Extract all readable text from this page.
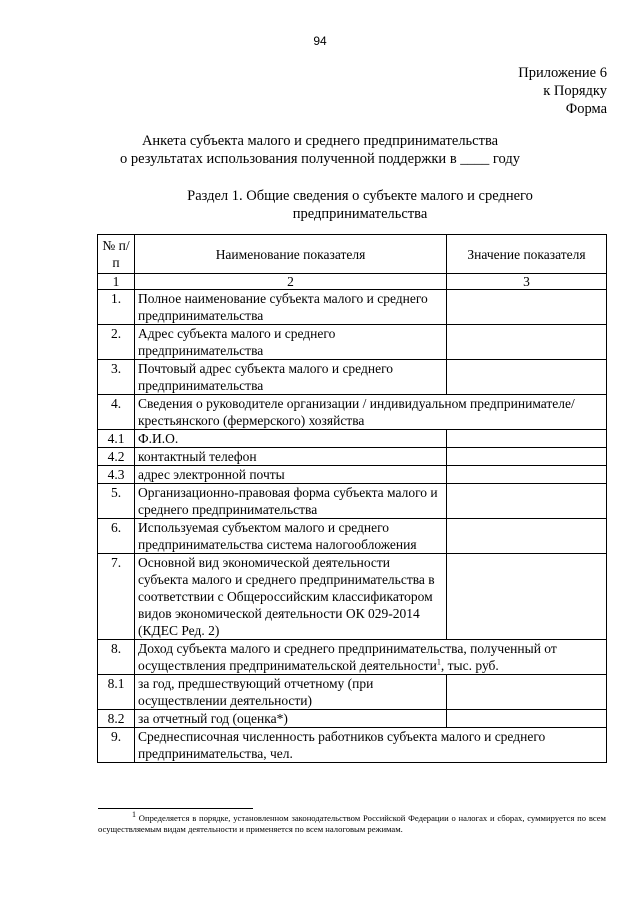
94
Приложение 6
к Порядку
Форма
Анкета субъекта малого и среднего предпринимательства
о результатах использования полученной поддержки в ____ году
Раздел 1. Общие сведения о субъекте малого и среднего
предпринимательства
№ п/п	Наименование показателя	Значение показателя
1	2	3
1.	Полное наименование субъекта малого и среднего предпринимательства	
2.	Адрес субъекта малого и среднего предпринимательства	
3.	Почтовый адрес субъекта малого и среднего предпринимательства	
4.	Сведения о руководителе организации / индивидуальном предпринимателе/ крестьянского (фермерского) хозяйства	
4.1	Ф.И.О.	
4.2	контактный телефон	
4.3	адрес электронной почты	
5.	Организационно-правовая форма субъекта малого и среднего предпринимательства	
6.	Используемая субъектом малого и среднего предпринимательства система налогообложения	
7.	Основной вид экономической деятельности субъекта малого и среднего предпринимательства в соответствии с Общероссийским классификатором видов экономической деятельности ОК 029-2014 (КДЕС Ред. 2)	
8.	Доход субъекта малого и среднего предпринимательства, полученный от осуществления предпринимательской деятельности$^1$, тыс. руб.	
8.1	за год, предшествующий отчетному (при осуществлении деятельности)	
8.2	за отчетный год (оценка*)	
9.	Среднесписочная численность работников субъекта малого и среднего предпринимательства, чел.	
$^1$ Определяется в порядке, установленном законодательством Российской Федерации о налогах и сборах, суммируется по всем осуществляемым видам деятельности и применяется по всем налоговым режимам.
